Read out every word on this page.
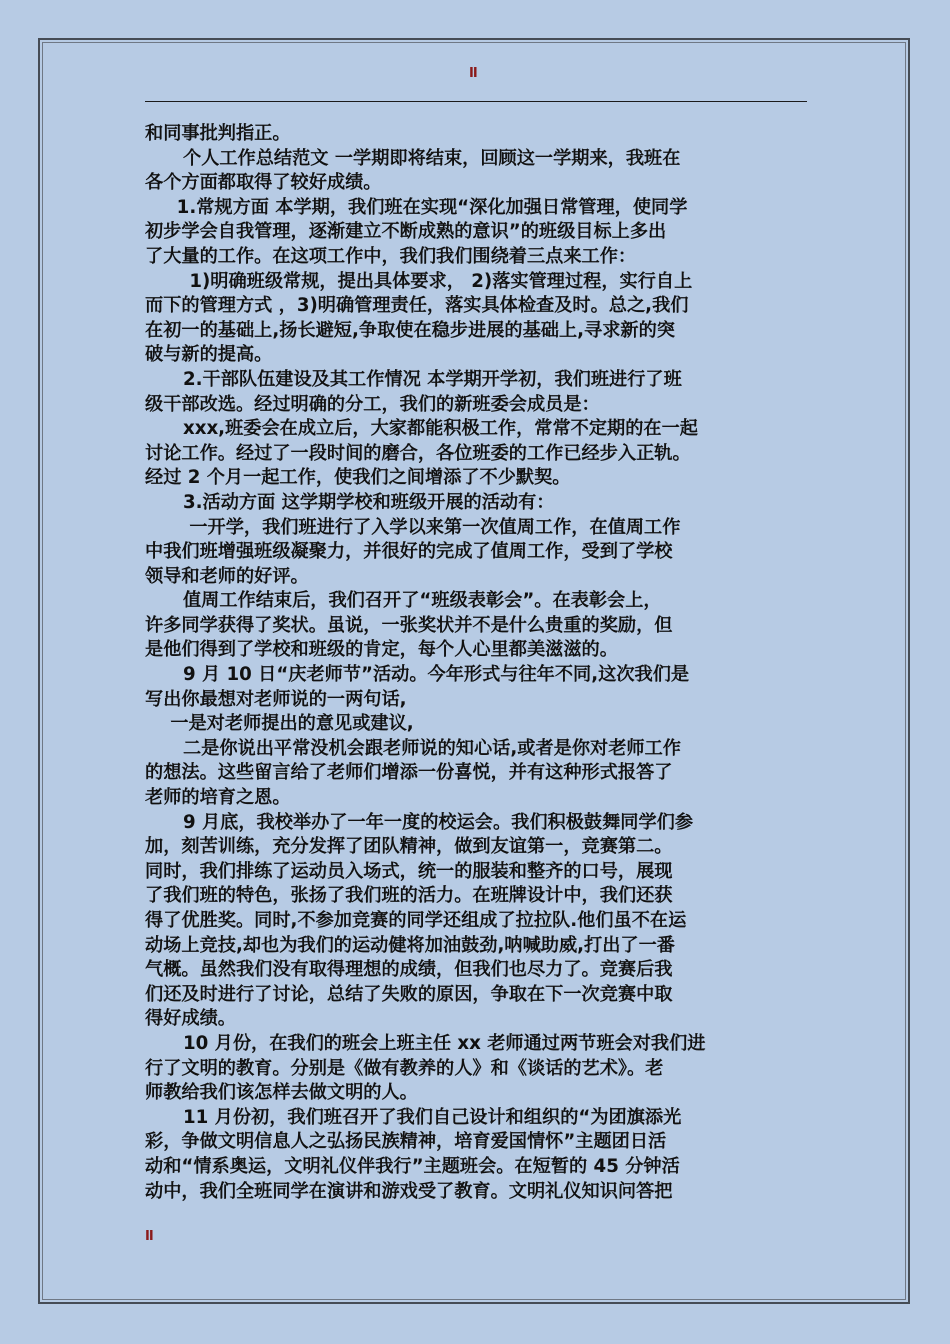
II

和同事批判指正。

个人工作总结范文 一学期即将结束，回顾这一学期来，我班在

各个方面都取得了较好成绩。

1.常规方面 本学期，我们班在实现“深化加强日常管理，使同学

初步学会自我管理，逐渐建立不断成熟的意识”的班级目标上多出

了大量的工作。在这项工作中，我们我们围绕着三点来工作：

1)明确班级常规，提出具体要求， 2)落实管理过程，实行自上

而下的管理方式 ，3)明确管理责任，落实具体检查及时。总之,我们

在初一的基础上,扬长避短,争取使在稳步进展的基础上,寻求新的突

破与新的提高。

2.干部队伍建设及其工作情况 本学期开学初，我们班进行了班

级干部改选。经过明确的分工，我们的新班委会成员是：

xxx,班委会在成立后，大家都能积极工作，常常不定期的在一起

讨论工作。经过了一段时间的磨合，各位班委的工作已经步入正轨。

经过 2 个月一起工作，使我们之间增添了不少默契。

3.活动方面 这学期学校和班级开展的活动有：

一开学，我们班进行了入学以来第一次值周工作，在值周工作

中我们班增强班级凝聚力，并很好的完成了值周工作，受到了学校

领导和老师的好评。

值周工作结束后，我们召开了“班级表彰会”。在表彰会上，

许多同学获得了奖状。虽说，一张奖状并不是什么贵重的奖励，但

是他们得到了学校和班级的肯定，每个人心里都美滋滋的。

9 月 10 日“庆老师节”活动。今年形式与往年不同,这次我们是

写出你最想对老师说的一两句话,

一是对老师提出的意见或建议,

二是你说出平常没机会跟老师说的知心话,或者是你对老师工作

的想法。这些留言给了老师们增添一份喜悦，并有这种形式报答了

老师的培育之恩。

9 月底，我校举办了一年一度的校运会。我们积极鼓舞同学们参

加，刻苦训练，充分发挥了团队精神，做到友谊第一，竞赛第二。

同时，我们排练了运动员入场式，统一的服装和整齐的口号，展现

了我们班的特色，张扬了我们班的活力。在班牌设计中，我们还获

得了优胜奖。同时,不参加竞赛的同学还组成了拉拉队.他们虽不在运

动场上竞技,却也为我们的运动健将加油鼓劲,呐喊助威,打出了一番

气概。虽然我们没有取得理想的成绩，但我们也尽力了。竞赛后我

们还及时进行了讨论，总结了失败的原因，争取在下一次竞赛中取

得好成绩。

10 月份，在我们的班会上班主任 xx 老师通过两节班会对我们进

行了文明的教育。分别是《做有教养的人》和《谈话的艺术》。老

师教给我们该怎样去做文明的人。

11 月份初，我们班召开了我们自己设计和组织的“为团旗添光

彩，争做文明信息人之弘扬民族精神，培育爱国情怀”主题团日活

动和“情系奥运，文明礼仪伴我行”主题班会。在短暂的 45 分钟活

动中，我们全班同学在演讲和游戏受了教育。文明礼仪知识问答把

II
